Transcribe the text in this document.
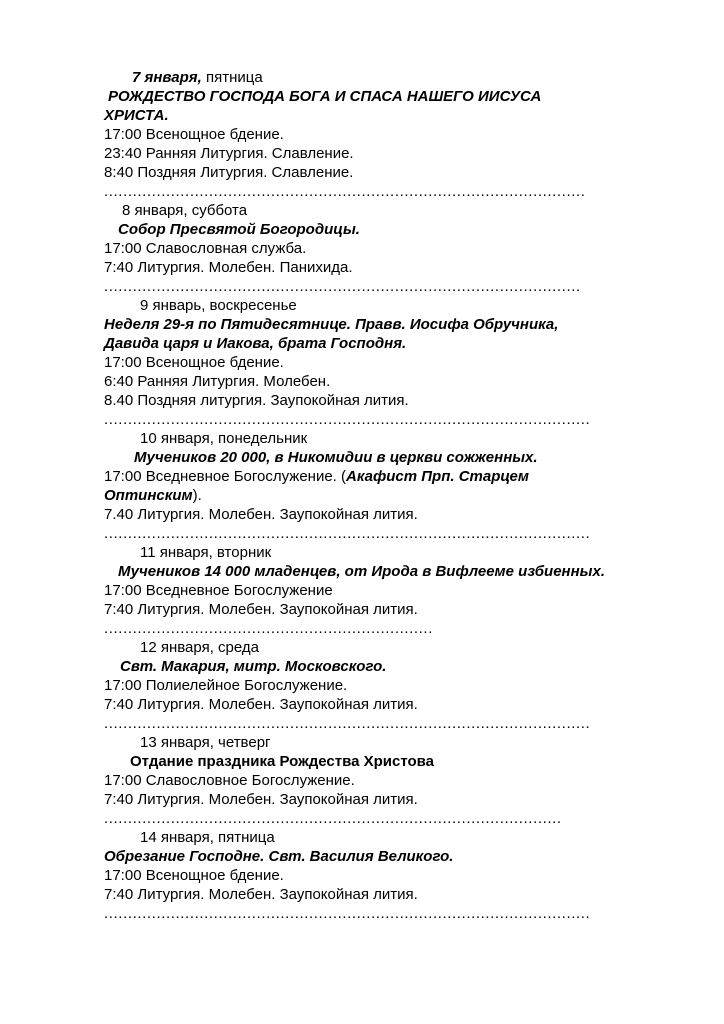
7 января, пятница
РОЖДЕСТВО ГОСПОДА БОГА И СПАСА НАШЕГО ИИСУСА
ХРИСТА.
17:00 Всенощное бдение.
23:40 Ранняя Литургия. Славление.
8:40 Поздняя Литургия. Славление.
.....................................................................................................
8 января, суббота
Собор Пресвятой Богородицы.
17:00 Славословная служба.
7:40 Литургия. Молебен. Панихида.
....................................................................................................
9 январь, воскресенье
Неделя 29-я по Пятидесятнице. Правв. Иосифа Обручника,
Давида царя и Иакова, брата Господня.
17:00 Всенощное бдение.
6:40 Ранняя Литургия. Молебен.
8.40 Поздняя литургия. Заупокойная лития.
......................................................................................................
10 января, понедельник
Мучеников 20 000, в Никомидии в церкви сожженных.
17:00 Вседневное Богослужение. (Акафист Прп. Старцем
Оптинским).
7.40 Литургия. Молебен. Заупокойная лития.
......................................................................................................
11 января, вторник
Мучеников 14 000 младенцев, от Ирода в Вифлееме избиенных.
17:00 Вседневное Богослужение
7:40 Литургия. Молебен. Заупокойная лития.
.....................................................................
12 января, среда
Свт. Макария, митр. Московского.
17:00 Полиелейное Богослужение.
7:40 Литургия. Молебен. Заупокойная лития.
......................................................................................................
13 января, четверг
Отдание праздника Рождества Христова
17:00 Славословное Богослужение.
7:40 Литургия. Молебен. Заупокойная лития.
................................................................................................
14 января, пятница
Обрезание Господне. Свт. Василия Великого.
17:00 Всенощное бдение.
7:40 Литургия. Молебен. Заупокойная лития.
......................................................................................................
